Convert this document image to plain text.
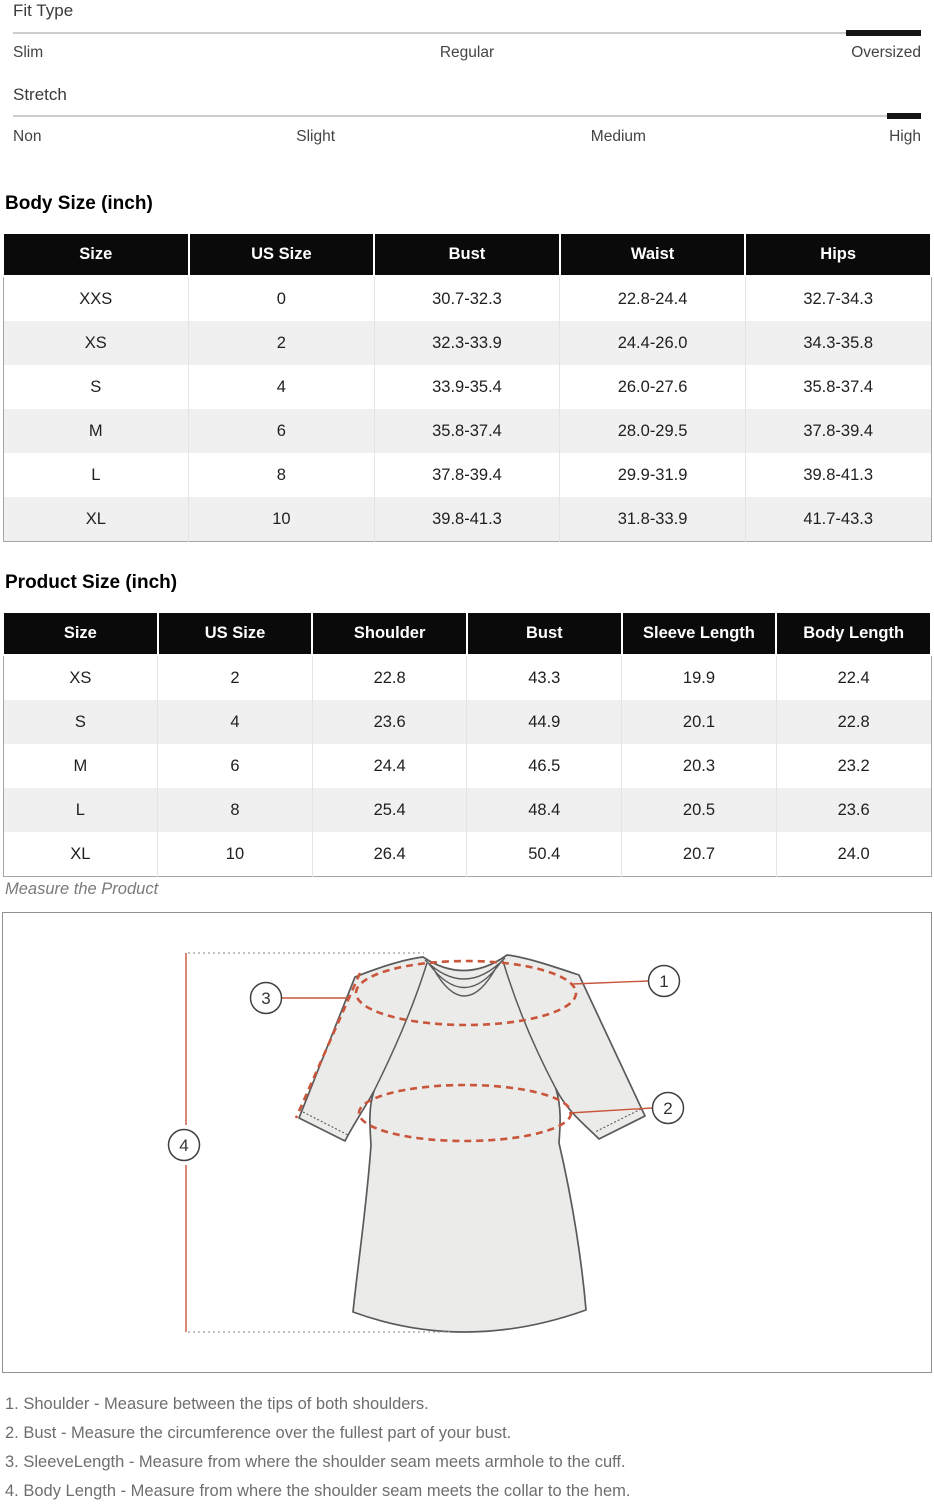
Fit Type
Slim	Regular	Oversized
Stretch
Non	Slight	Medium	High
Body Size (inch)
Size	US Size	Bust	Waist	Hips
XXS	0	30.7-32.3	22.8-24.4	32.7-34.3
XS	2	32.3-33.9	24.4-26.0	34.3-35.8
S	4	33.9-35.4	26.0-27.6	35.8-37.4
M	6	35.8-37.4	28.0-29.5	37.8-39.4
L	8	37.8-39.4	29.9-31.9	39.8-41.3
XL	10	39.8-41.3	31.8-33.9	41.7-43.3
Product Size (inch)
Size	US Size	Shoulder	Bust	Sleeve Length	Body Length
XS	2	22.8	43.3	19.9	22.4
S	4	23.6	44.9	20.1	22.8
M	6	24.4	46.5	20.3	23.2
L	8	25.4	48.4	20.5	23.6
XL	10	26.4	50.4	20.7	24.0
Measure the Product
1
2
3
4
1. Shoulder - Measure between the tips of both shoulders.
2. Bust - Measure the circumference over the fullest part of your bust.
3. SleeveLength - Measure from where the shoulder seam meets armhole to the cuff.
4. Body Length - Measure from where the shoulder seam meets the collar to the hem.
